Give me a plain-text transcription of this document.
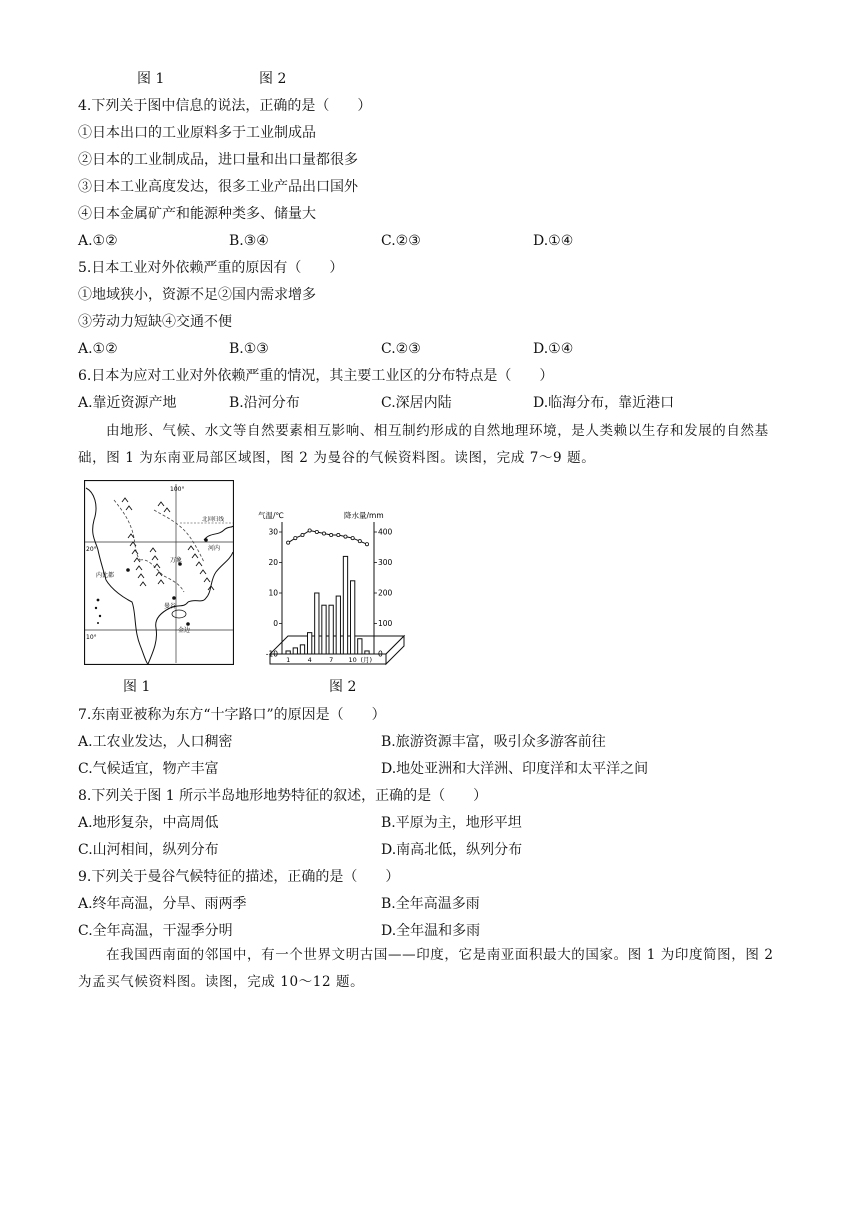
图 1	图 2
4.下列关于图中信息的说法，正确的是（　　）
①日本出口的工业原料多于工业制成品
②日本的工业制成品，进口量和出口量都很多
③日本工业高度发达，很多工业产品出口国外
④日本金属矿产和能源种类多、储量大
A.①②	B.③④	C.②③	D.①④
5.日本工业对外依赖严重的原因有（　　）
①地域狭小，资源不足②国内需求增多
③劳动力短缺④交通不便
A.①②	B.①③	C.②③	D.①④
6.日本为应对工业对外依赖严重的情况，其主要工业区的分布特点是（　　）
A.靠近资源产地	B.沿河分布	C.深居内陆	D.临海分布，靠近港口
由地形、气候、水文等自然要素相互影响、相互制约形成的自然地理环境，是人类赖以生存和发展的自然基础，图 1 为东南亚局部区域图，图 2 为曼谷的气候资料图。读图，完成 7～9 题。
100°
20°
10°
北回归线
内比都
万象
河内
曼谷
金边
30
20
10
0
-10
400
300
200
100
0
1	4	7 10 (月)
气温/℃	降水量/mm
图 1	图 2
7.东南亚被称为东方“十字路口”的原因是（　　）
A.工农业发达，人口稠密	B.旅游资源丰富，吸引众多游客前往
C.气候适宜，物产丰富	D.地处亚洲和大洋洲、印度洋和太平洋之间
8.下列关于图 1 所示半岛地形地势特征的叙述，正确的是（　　）
A.地形复杂，中高周低	B.平原为主，地形平坦
C.山河相间，纵列分布	D.南高北低，纵列分布
9.下列关于曼谷气候特征的描述，正确的是（　　）
A.终年高温，分旱、雨两季	B.全年高温多雨
C.全年高温，干湿季分明	D.全年温和多雨
在我国西南面的邻国中，有一个世界文明古国——印度，它是南亚面积最大的国家。图 1 为印度简图，图 2 为孟买气候资料图。读图，完成 10～12 题。
